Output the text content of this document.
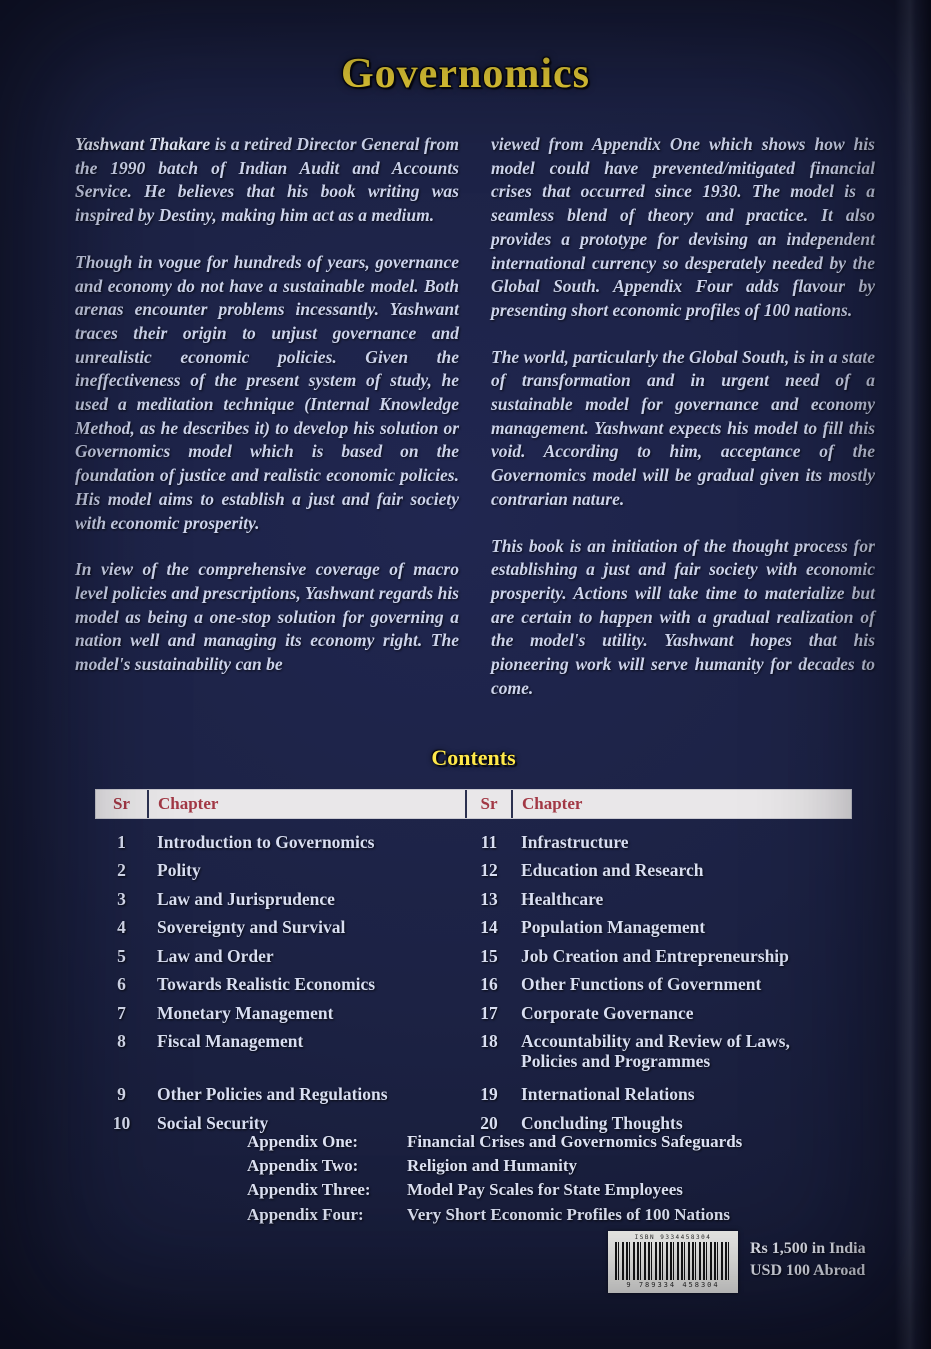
Governomics

Yashwant Thakare is a retired Director General from the 1990 batch of Indian Audit and Accounts Service. He believes that his book writing was inspired by Destiny, making him act as a medium.

Though in vogue for hundreds of years, governance and economy do not have a sustainable model. Both arenas encounter problems incessantly. Yashwant traces their origin to unjust governance and unrealistic economic policies. Given the ineffectiveness of the present system of study, he used a meditation technique (Internal Knowledge Method, as he describes it) to develop his solution or Governomics model which is based on the foundation of justice and realistic economic policies. His model aims to establish a just and fair society with economic prosperity.

In view of the comprehensive coverage of macro level policies and prescriptions, Yashwant regards his model as being a one-stop solution for governing a nation well and managing its economy right. The model's sustainability can be

viewed from Appendix One which shows how his model could have prevented/mitigated financial crises that occurred since 1930. The model is a seamless blend of theory and practice. It also provides a prototype for devising an independent international currency so desperately needed by the Global South. Appendix Four adds flavour by presenting short economic profiles of 100 nations.

The world, particularly the Global South, is in a state of transformation and in urgent need of a sustainable model for governance and economy management. Yashwant expects his model to fill this void. According to him, acceptance of the Governomics model will be gradual given its mostly contrarian nature.

This book is an initiation of the thought process for establishing a just and fair society with economic prosperity. Actions will take time to materialize but are certain to happen with a gradual realization of the model's utility. Yashwant hopes that his pioneering work will serve humanity for decades to come.

Contents
Sr	Chapter	Sr	Chapter
1	Introduction to Governomics	11	Infrastructure
2	Polity	12	Education and Research
3	Law and Jurisprudence	13	Healthcare
4	Sovereignty and Survival	14	Population Management
5	Law and Order	15	Job Creation and Entrepreneurship
6	Towards Realistic Economics	16	Other Functions of Government
7	Monetary Management	17	Corporate Governance
8	Fiscal Management	18	Accountability and Review of Laws, Policies and Programmes
9	Other Policies and Regulations	19	International Relations
10	Social Security	20	Concluding Thoughts
Appendix One:	Financial Crises and Governomics Safeguards
Appendix Two:	Religion and Humanity
Appendix Three:	Model Pay Scales for State Employees
Appendix Four:	Very Short Economic Profiles of 100 Nations
ISBN 9334458304
9 789334 458304
Rs 1,500 in India
USD 100 Abroad
